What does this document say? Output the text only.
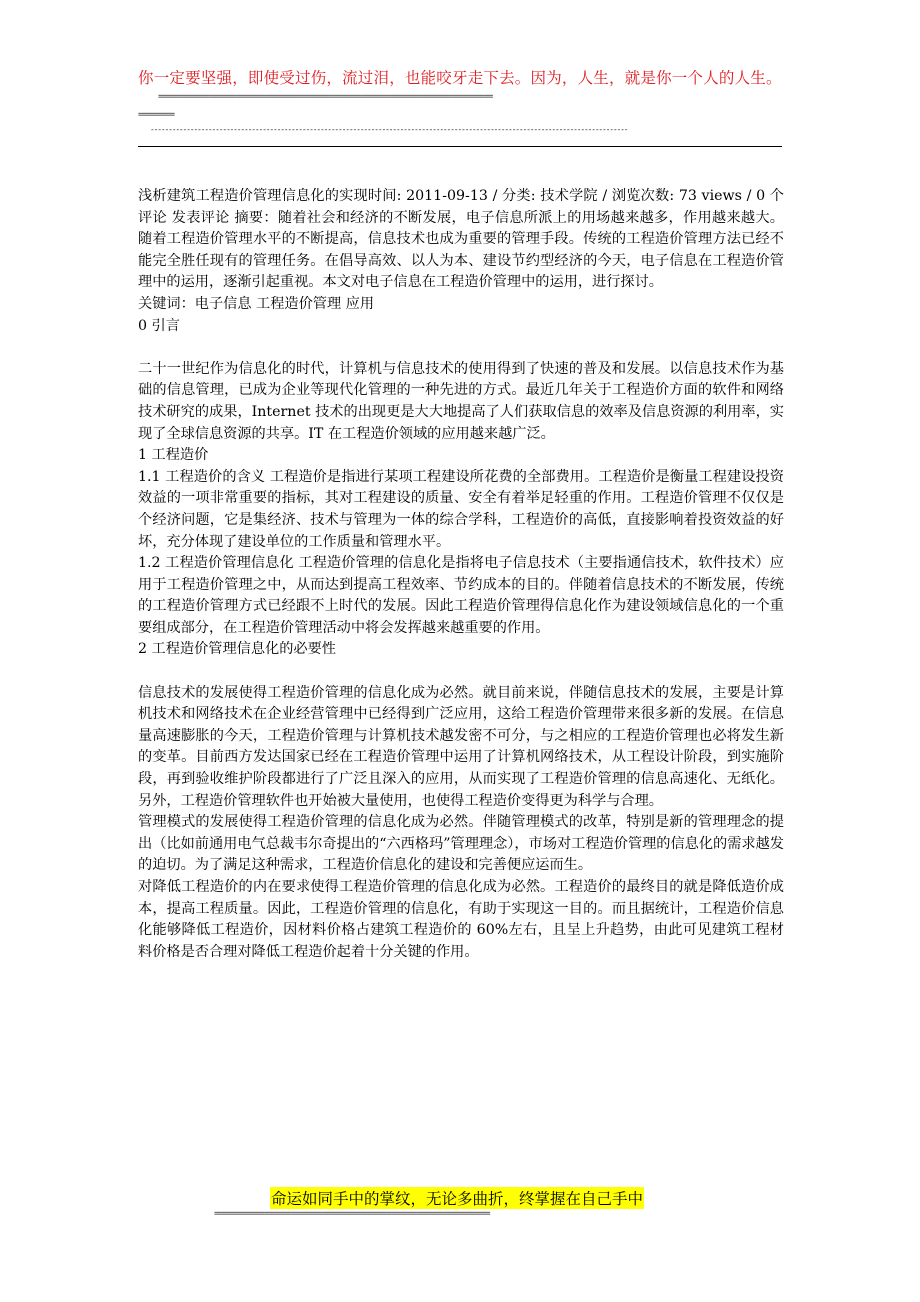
你一定要坚强，即使受过伤，流过泪，也能咬牙走下去。因为，人生，就是你一个人的人生。
==========================================================================
========
------------------------------------------------------------------------------------------------------------------------------------

浅析建筑工程造价管理信息化的实现时间: 2011-09-13 / 分类: 技术学院 / 浏览次数: 73 views / 0 个评论 发表评论 摘要：随着社会和经济的不断发展，电子信息所派上的用场越来越多，作用越来越大。随着工程造价管理水平的不断提高，信息技术也成为重要的管理手段。传统的工程造价管理方法已经不能完全胜任现有的管理任务。在倡导高效、以人为本、建设节约型经济的今天，电子信息在工程造价管理中的运用，逐渐引起重视。本文对电子信息在工程造价管理中的运用，进行探讨。

关键词：电子信息 工程造价管理 应用

0 引言

二十一世纪作为信息化的时代，计算机与信息技术的使用得到了快速的普及和发展。以信息技术作为基础的信息管理，已成为企业等现代化管理的一种先进的方式。最近几年关于工程造价方面的软件和网络技术研究的成果，Internet 技术的出现更是大大地提高了人们获取信息的效率及信息资源的利用率，实现了全球信息资源的共享。IT 在工程造价领域的应用越来越广泛。

1 工程造价

1.1 工程造价的含义 工程造价是指进行某项工程建设所花费的全部费用。工程造价是衡量工程建设投资效益的一项非常重要的指标，其对工程建设的质量、安全有着举足轻重的作用。工程造价管理不仅仅是个经济问题，它是集经济、技术与管理为一体的综合学科，工程造价的高低，直接影响着投资效益的好坏，充分体现了建设单位的工作质量和管理水平。

1.2 工程造价管理信息化 工程造价管理的信息化是指将电子信息技术（主要指通信技术，软件技术）应用于工程造价管理之中，从而达到提高工程效率、节约成本的目的。伴随着信息技术的不断发展，传统的工程造价管理方式已经跟不上时代的发展。因此工程造价管理得信息化作为建设领域信息化的一个重要组成部分，在工程造价管理活动中将会发挥越来越重要的作用。

2 工程造价管理信息化的必要性

信息技术的发展使得工程造价管理的信息化成为必然。就目前来说，伴随信息技术的发展，主要是计算机技术和网络技术在企业经营管理中已经得到广泛应用，这给工程造价管理带来很多新的发展。在信息量高速膨胀的今天，工程造价管理与计算机技术越发密不可分，与之相应的工程造价管理也必将发生新的变革。目前西方发达国家已经在工程造价管理中运用了计算机网络技术，从工程设计阶段，到实施阶段，再到验收维护阶段都进行了广泛且深入的应用，从而实现了工程造价管理的信息高速化、无纸化。另外，工程造价管理软件也开始被大量使用，也使得工程造价变得更为科学与合理。

管理模式的发展使得工程造价管理的信息化成为必然。伴随管理模式的改革，特别是新的管理理念的提出（比如前通用电气总裁韦尔奇提出的“六西格玛”管理理念），市场对工程造价管理的信息化的需求越发的迫切。为了满足这种需求，工程造价信息化的建设和完善便应运而生。

对降低工程造价的内在要求使得工程造价管理的信息化成为必然。工程造价的最终目的就是降低造价成本，提高工程质量。因此，工程造价管理的信息化，有助于实现这一目的。而且据统计，工程造价信息化能够降低工程造价，因材料价格占建筑工程造价的 60%左右，且呈上升趋势，由此可见建筑工程材料价格是否合理对降低工程造价起着十分关键的作用。

命运如同手中的掌纹，无论多曲折，终掌握在自己手中
=============================================================
